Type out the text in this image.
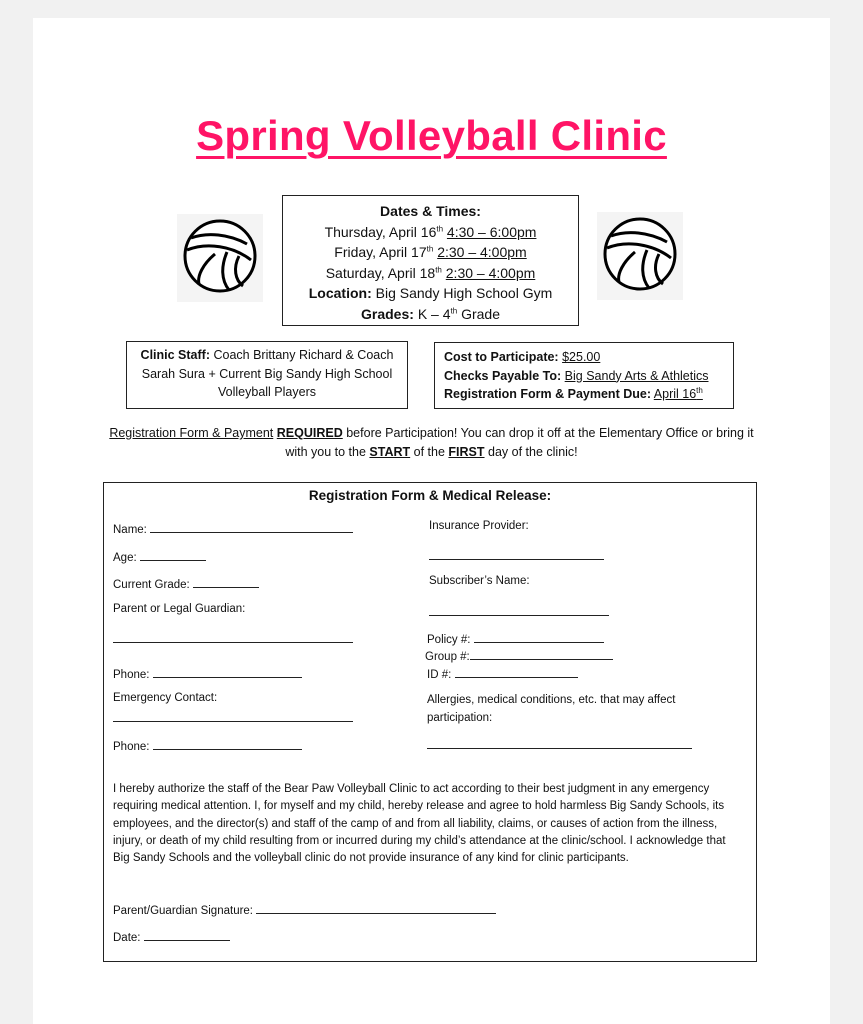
Spring Volleyball Clinic
Dates & Times:
Thursday, April 16th 4:30 – 6:00pm
Friday, April 17th 2:30 – 4:00pm
Saturday, April 18th 2:30 – 4:00pm
Location: Big Sandy High School Gym
Grades: K – 4th Grade
Clinic Staff: Coach Brittany Richard & Coach Sarah Sura + Current Big Sandy High School Volleyball Players
Cost to Participate: $25.00
Checks Payable To: Big Sandy Arts & Athletics
Registration Form & Payment Due: April 16th
Registration Form & Payment REQUIRED before Participation! You can drop it off at the Elementary Office or bring it with you to the START of the FIRST day of the clinic!
Registration Form & Medical Release:
Name:
Age:
Current Grade:
Parent or Legal Guardian:
Phone:
Emergency Contact:
Phone:
Insurance Provider:
Subscriber’s Name:
Policy #:
Group #:
ID #:
Allergies, medical conditions, etc. that may affect participation:
I hereby authorize the staff of the Bear Paw Volleyball Clinic to act according to their best judgment in any emergency requiring medical attention. I, for myself and my child, hereby release and agree to hold harmless Big Sandy Schools, its employees, and the director(s) and staff of the camp of and from all liability, claims, or causes of action from the illness, injury, or death of my child resulting from or incurred during my child’s attendance at the clinic/school. I acknowledge that Big Sandy Schools and the volleyball clinic do not provide insurance of any kind for clinic participants.
Parent/Guardian Signature:
Date:
